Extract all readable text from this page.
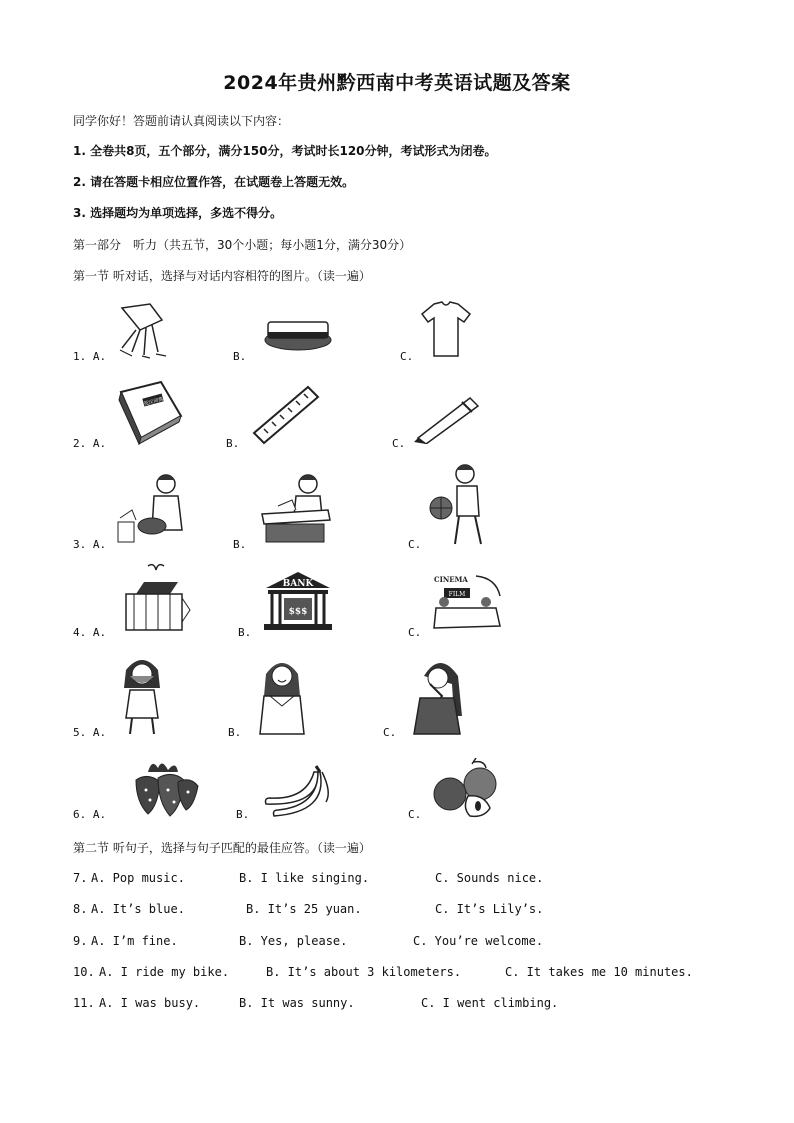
2024年贵州黔西南中考英语试题及答案
同学你好！答题前请认真阅读以下内容：
1. 全卷共8页，五个部分，满分150分，考试时长120分钟，考试形式为闭卷。
2. 请在答题卡相应位置作答，在试题卷上答题无效。
3. 选择题均为单项选择，多选不得分。
第一部分　听力（共五节，30个小题；每小题1分，满分30分）
第一节 听对话，选择与对话内容相符的图片。（读一遍）
1. A.	B.	C.
2. A.	B.	C.
英汉词典
3. A.	B.	C.
4. A.	B.	C.
BANK
$$$
CINEMA
FILM
5. A.	B.	C.
6. A.	B.	C.
第二节 听句子，选择与句子匹配的最佳应答。（读一遍）
7. A. Pop music.	B. I like singing.	C. Sounds nice.
8. A. It’s blue.	B. It’s 25 yuan.	C. It’s Lily’s.
9. A. I’m fine.	B. Yes, please.	C. You’re welcome.
10. A. I ride my bike.	B. It’s about 3 kilometers.	C. It takes me 10 minutes.
11. A. I was busy.	B. It was sunny.	C. I went climbing.
